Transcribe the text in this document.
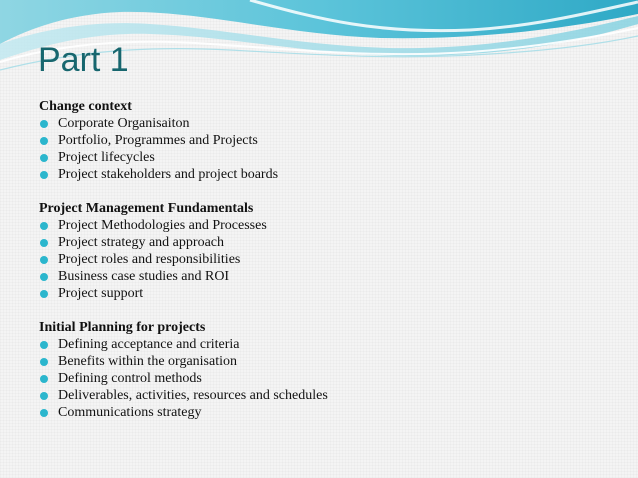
Part 1
Change context
Corporate Organisaiton
Portfolio, Programmes and Projects
Project lifecycles
Project stakeholders and project boards
Project Management Fundamentals
Project Methodologies and Processes
Project strategy and approach
Project roles and responsibilities
Business case studies and ROI
Project support
Initial Planning for projects
Defining acceptance and criteria
Benefits within the organisation
Defining control methods
Deliverables, activities, resources and schedules
Communications strategy
